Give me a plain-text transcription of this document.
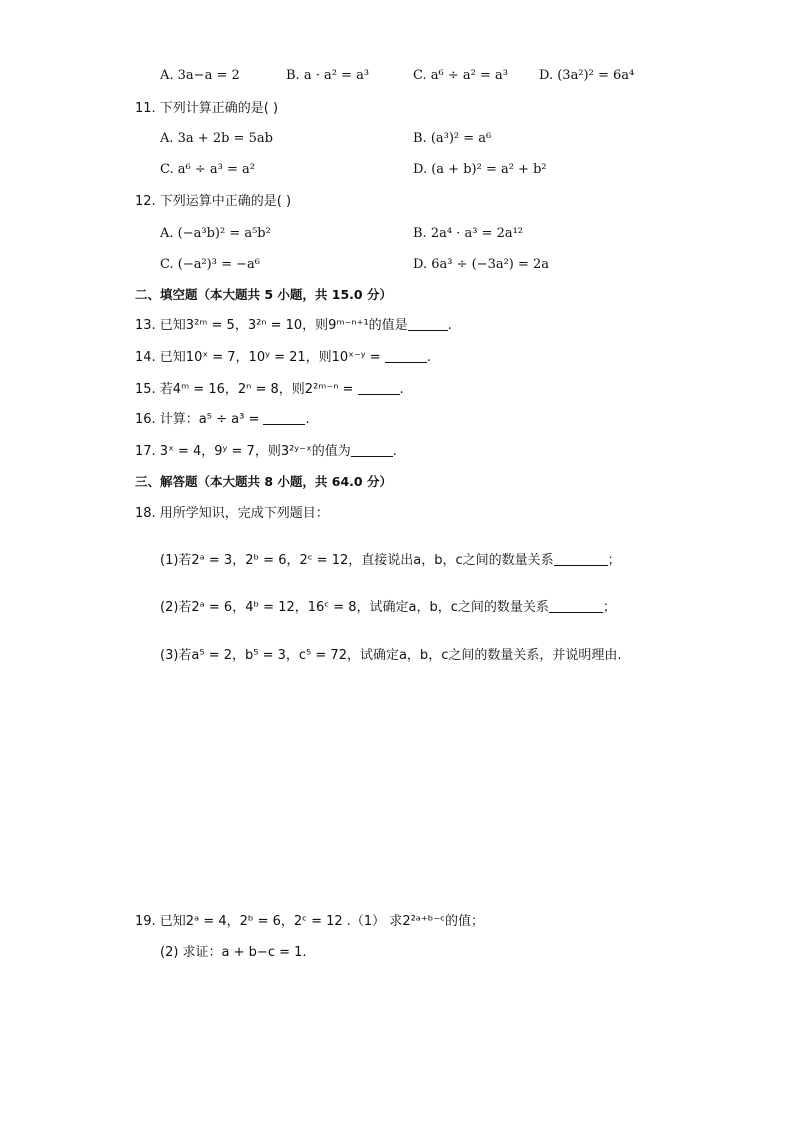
A. 3a−a = 2	B. a · a² = a³	C. a⁶ ÷ a² = a³ D. (3a²)² = 6a⁴
11. 下列计算正确的是( )
A. 3a + 2b = 5ab	B. (a³)² = a⁶
C. a⁶ ÷ a³ = a²	D. (a + b)² = a² + b²
12. 下列运算中正确的是( )
A. (−a³b)² = a⁵b²	B. 2a⁴ · a³ = 2a¹²
C. (−a²)³ = −a⁶	D. 6a³ ÷ (−3a²) = 2a
二、填空题（本大题共 5 小题，共 15.0 分）
13. 已知3²ᵐ = 5，3²ⁿ = 10，则9ᵐ⁻ⁿ⁺¹的值是	.
14. 已知10ˣ = 7，10ʸ = 21，则10ˣ⁻ʸ =	.
15. 若4ᵐ = 16，2ⁿ = 8，则2²ᵐ⁻ⁿ =	.
16. 计算：a⁵ ÷ a³ =	.
17. 3ˣ = 4，9ʸ = 7，则3²ʸ⁻ˣ的值为	.
三、解答题（本大题共 8 小题，共 64.0 分）
18. 用所学知识，完成下列题目：
(1)若2ᵃ = 3，2ᵇ = 6，2ᶜ = 12，直接说出a，b，c之间的数量关系	；
(2)若2ᵃ = 6，4ᵇ = 12，16ᶜ = 8，试确定a，b，c之间的数量关系	；
(3)若a⁵ = 2，b⁵ = 3，c⁵ = 72，试确定a，b，c之间的数量关系，并说明理由.
19. 已知2ᵃ = 4，2ᵇ = 6，2ᶜ = 12 .（1） 求2²ᵃ⁺ᵇ⁻ᶜ的值；
(2) 求证：a + b−c = 1.
